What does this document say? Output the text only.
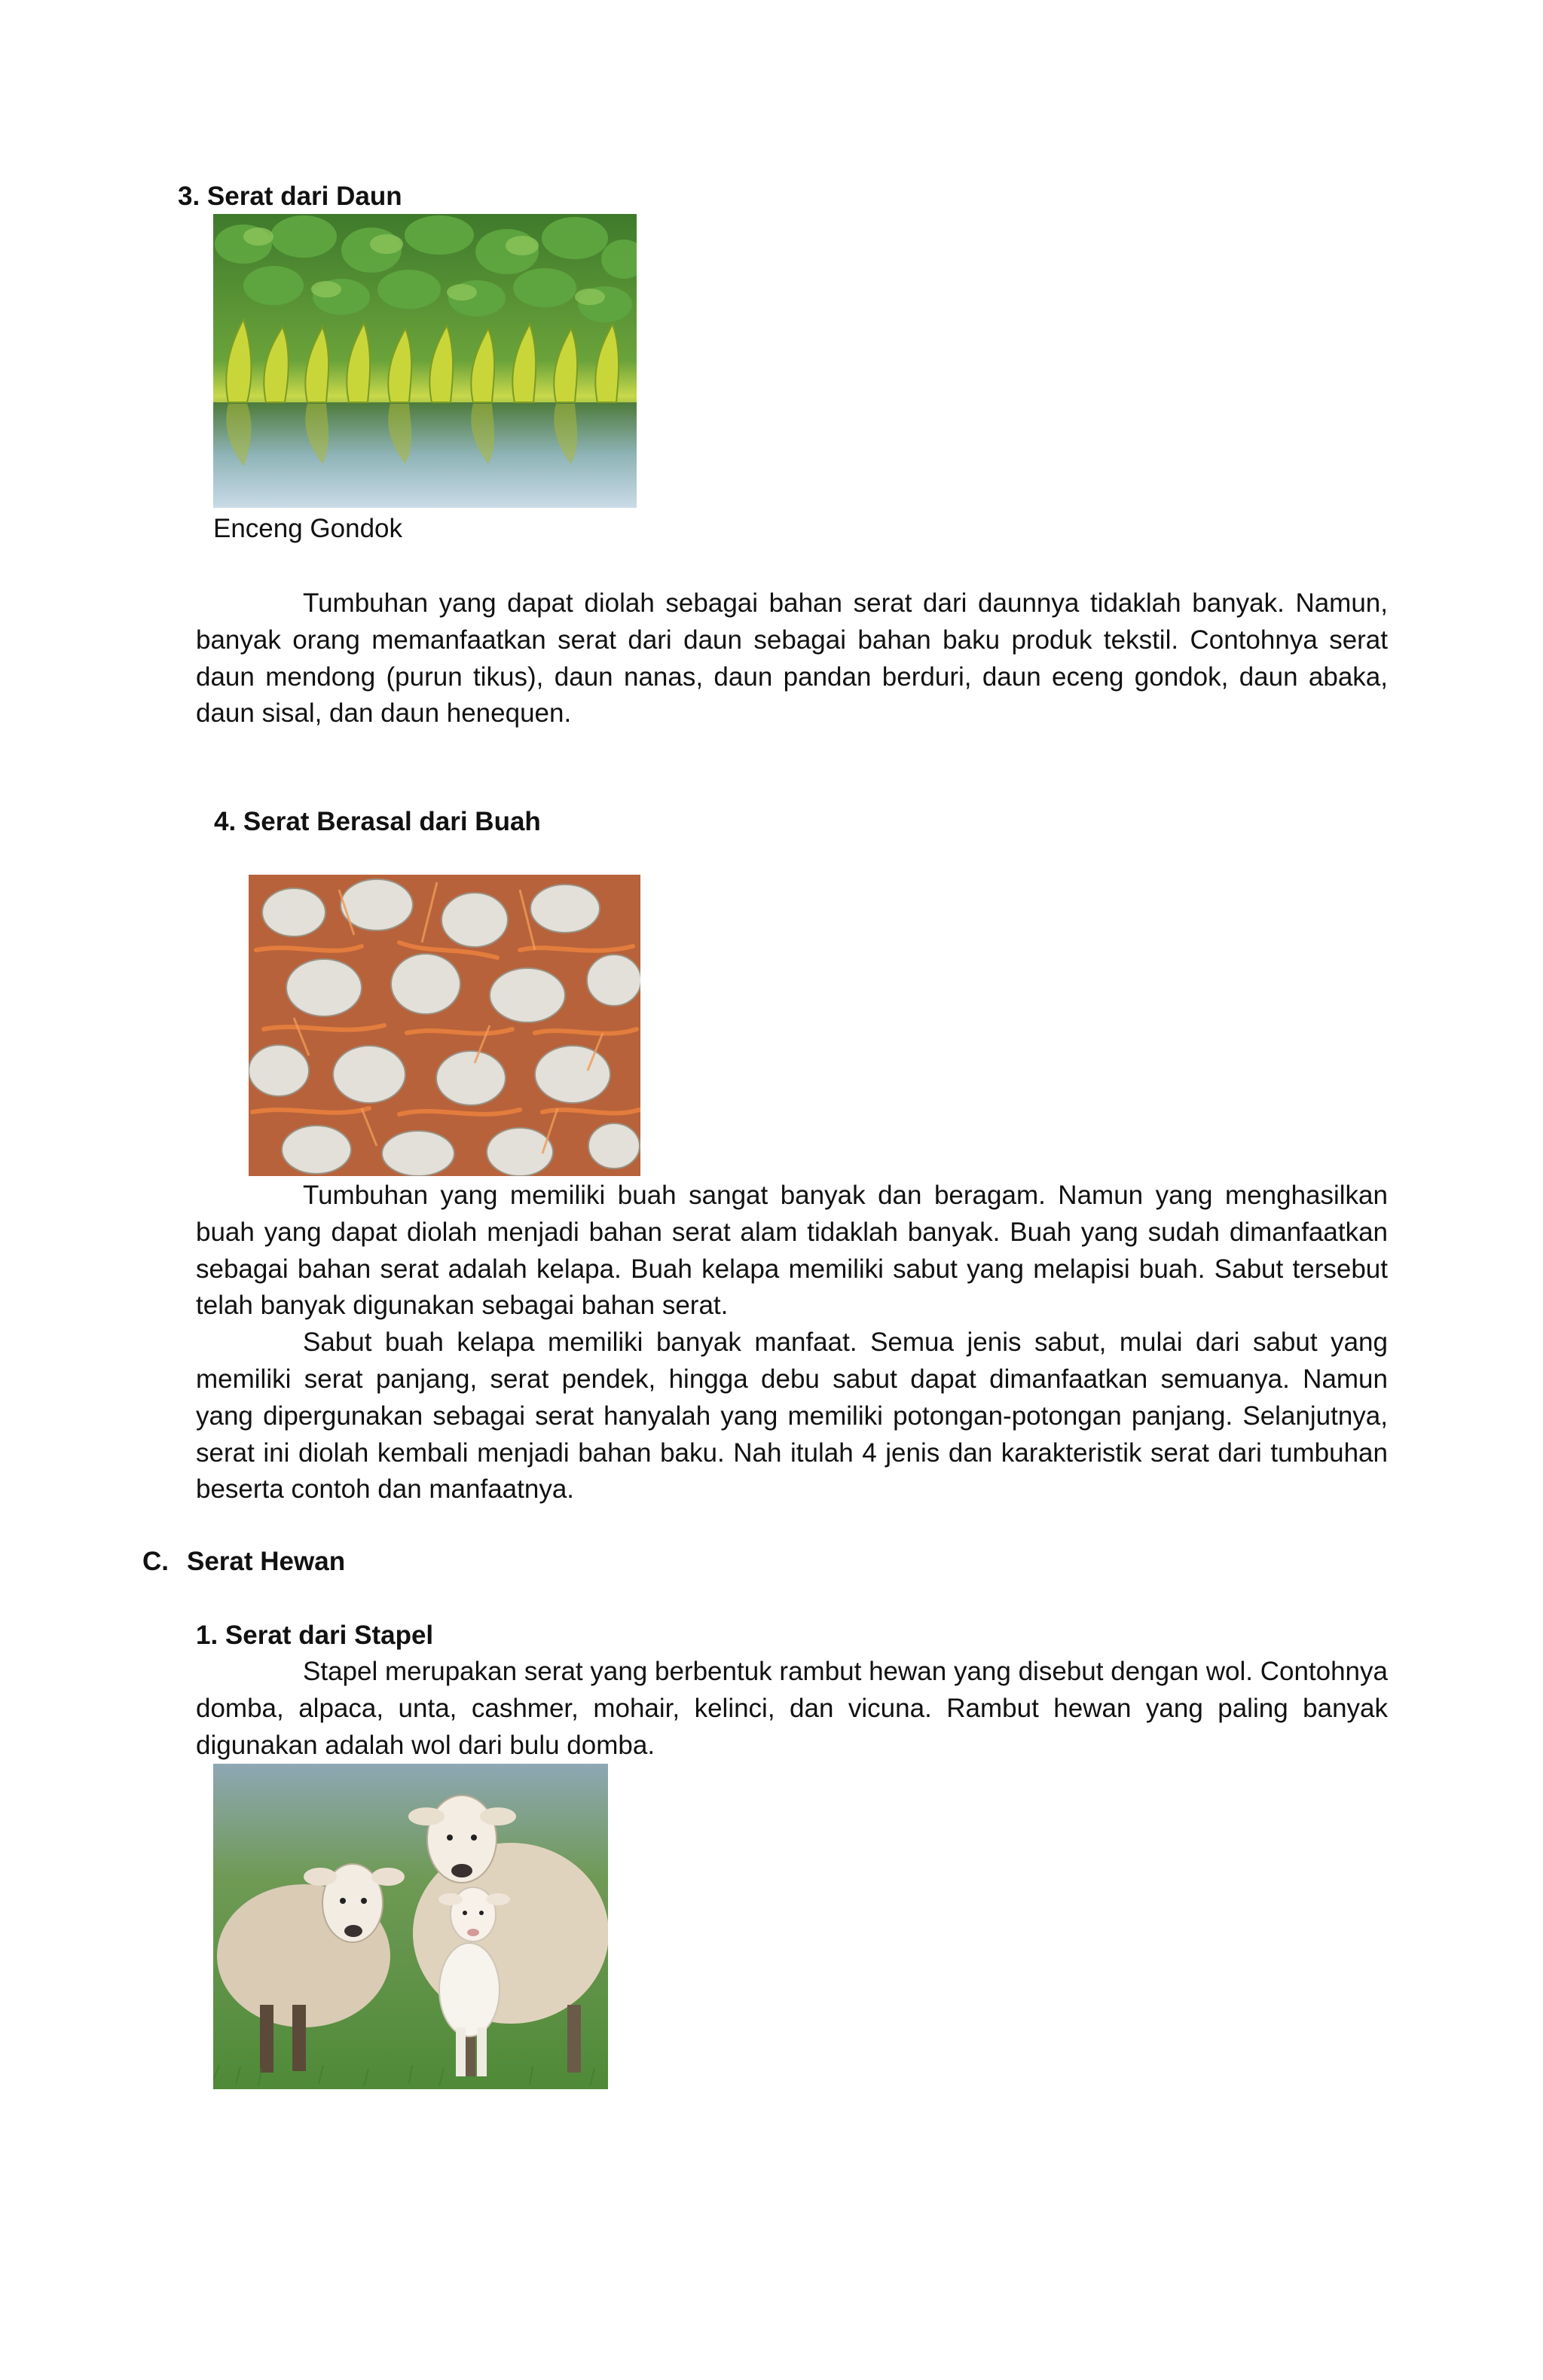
3. Serat dari Daun
Enceng Gondok

Tumbuhan yang dapat diolah sebagai bahan serat dari daunnya tidaklah banyak. Namun, banyak orang memanfaatkan serat dari daun sebagai bahan baku produk tekstil. Contohnya serat daun mendong (purun tikus), daun nanas, daun pandan berduri, daun eceng gondok, daun abaka, daun sisal, dan daun henequen.

4. Serat Berasal dari Buah

Tumbuhan yang memiliki buah sangat banyak dan beragam. Namun yang menghasilkan buah yang dapat diolah menjadi bahan serat alam tidaklah banyak. Buah yang sudah dimanfaatkan sebagai bahan serat adalah kelapa. Buah kelapa memiliki sabut yang melapisi buah. Sabut tersebut telah banyak digunakan sebagai bahan serat.

Sabut buah kelapa memiliki banyak manfaat. Semua jenis sabut, mulai dari sabut yang memiliki serat panjang, serat pendek, hingga debu sabut dapat dimanfaatkan semuanya. Namun yang dipergunakan sebagai serat hanyalah yang memiliki potongan-potongan panjang. Selanjutnya, serat ini diolah kembali menjadi bahan baku. Nah itulah 4 jenis dan karakteristik serat dari tumbuhan beserta contoh dan manfaatnya.

C. Serat Hewan
1. Serat dari Stapel

Stapel merupakan serat yang berbentuk rambut hewan yang disebut dengan wol. Contohnya domba, alpaca, unta, cashmer, mohair, kelinci, dan vicuna. Rambut hewan yang paling banyak digunakan adalah wol dari bulu domba.
